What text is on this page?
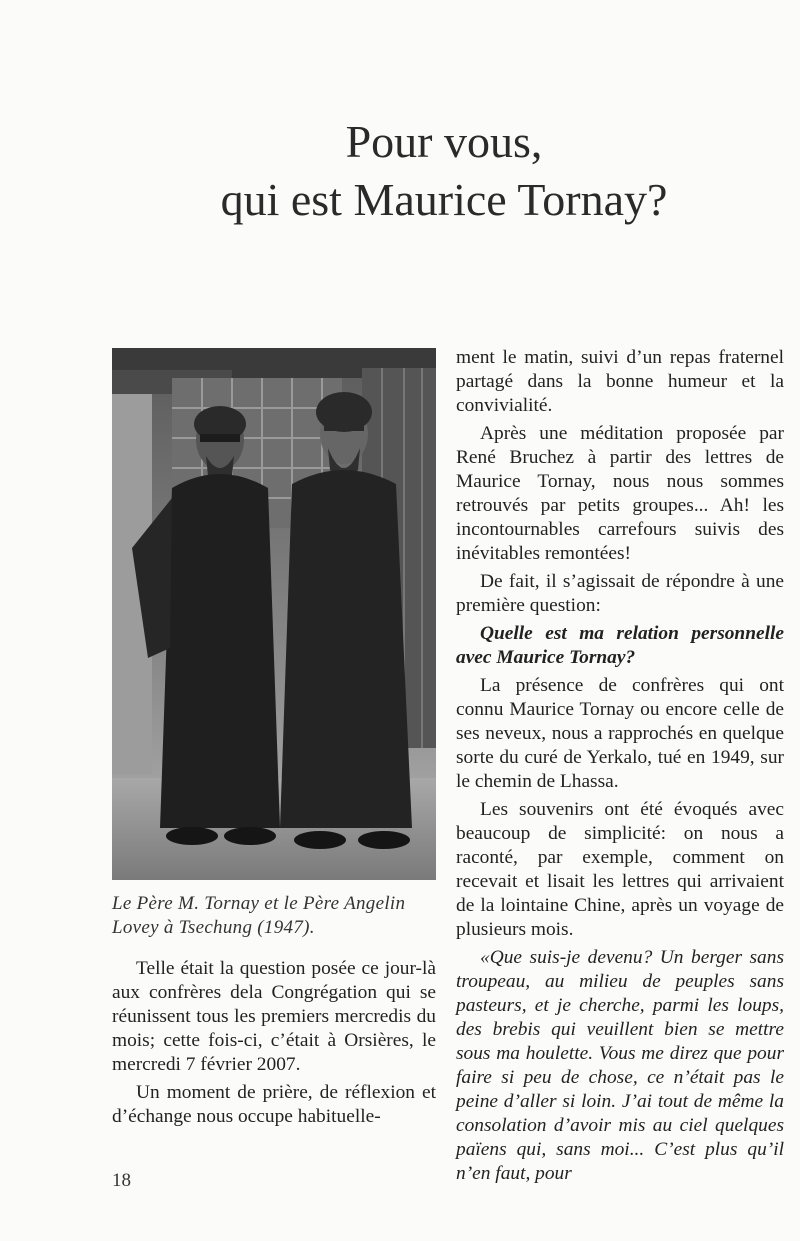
Pour vous,
qui est Maurice Tornay?
Le Père M. Tornay et le Père Angelin Lovey à Tsechung (1947).

Telle était la question posée ce jour-là aux confrères dela Congrégation qui se réunissent tous les premiers mercredis du mois; cette fois-ci, c’était à Orsières, le mercredi 7 février 2007.

Un moment de prière, de réflexion et d’échange nous occupe habituelle-

ment le matin, suivi d’un repas fraternel partagé dans la bonne humeur et la convivialité.

Après une méditation proposée par René Bruchez à partir des lettres de Maurice Tornay, nous nous sommes retrouvés par petits groupes... Ah! les incontournables carrefours suivis des inévitables remontées!

De fait, il s’agissait de répondre à une première question:

Quelle est ma relation personnelle avec Maurice Tornay?

La présence de confrères qui ont connu Maurice Tornay ou encore celle de ses neveux, nous a rapprochés en quelque sorte du curé de Yerkalo, tué en 1949, sur le chemin de Lhassa.

Les souvenirs ont été évoqués avec beaucoup de simplicité: on nous a raconté, par exemple, comment on recevait et lisait les lettres qui arrivaient de la lointaine Chine, après un voyage de plusieurs mois.

«Que suis-je devenu? Un berger sans troupeau, au milieu de peuples sans pasteurs, et je cherche, parmi les loups, des brebis qui veuillent bien se mettre sous ma houlette. Vous me direz que pour faire si peu de chose, ce n’était pas le peine d’aller si loin. J’ai tout de même la consolation d’avoir mis au ciel quelques païens qui, sans moi... C’est plus qu’il n’en faut, pour

18
